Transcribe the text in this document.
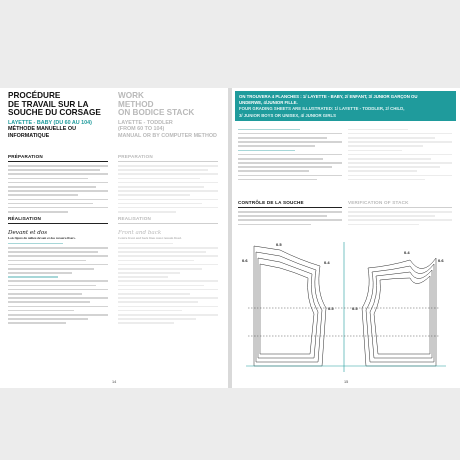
PROCÉDURE
DE TRAVAIL SUR LA
SOUCHE DU CORSAGE
LAYETTE - BABY (DU 60 AU 104)
MÉTHODE MANUELLE OU
INFORMATIQUE
WORK
METHOD
ON BODICE STACK
LAYETTE - TODDLER
(FROM 60 TO 104)
MANUAL OR BY COMPUTER METHOD
PRÉPARATION	PREPARATION
RÉALISATION
Devant et dos
Lois figure du milieu devant et dos recoura fixers.
REALISATION
Front and back
Centre front and back lines must remain fixed.
14
ON TROUVERA 4 PLANCHES : 1/ LAYETTE - BABY, 2/ ENFANT, 3/ JUNIOR GARÇON OU
UNDERWE, 4/JUNIOR FILLE.
FOUR GRADING SHEETS ARE ILLUSTRATED: 1/ LAYETTE - TODDLER, 2/ CHILD,
3/ JUNIOR BOYS OR UNISEX, 4/ JUNIOR GIRLS
CONTRÔLE DE LA SOUCHE	VERIFICATION OF STACK
0.6
0.5
0.4
0.5	0.5
0.4
0.6
15
